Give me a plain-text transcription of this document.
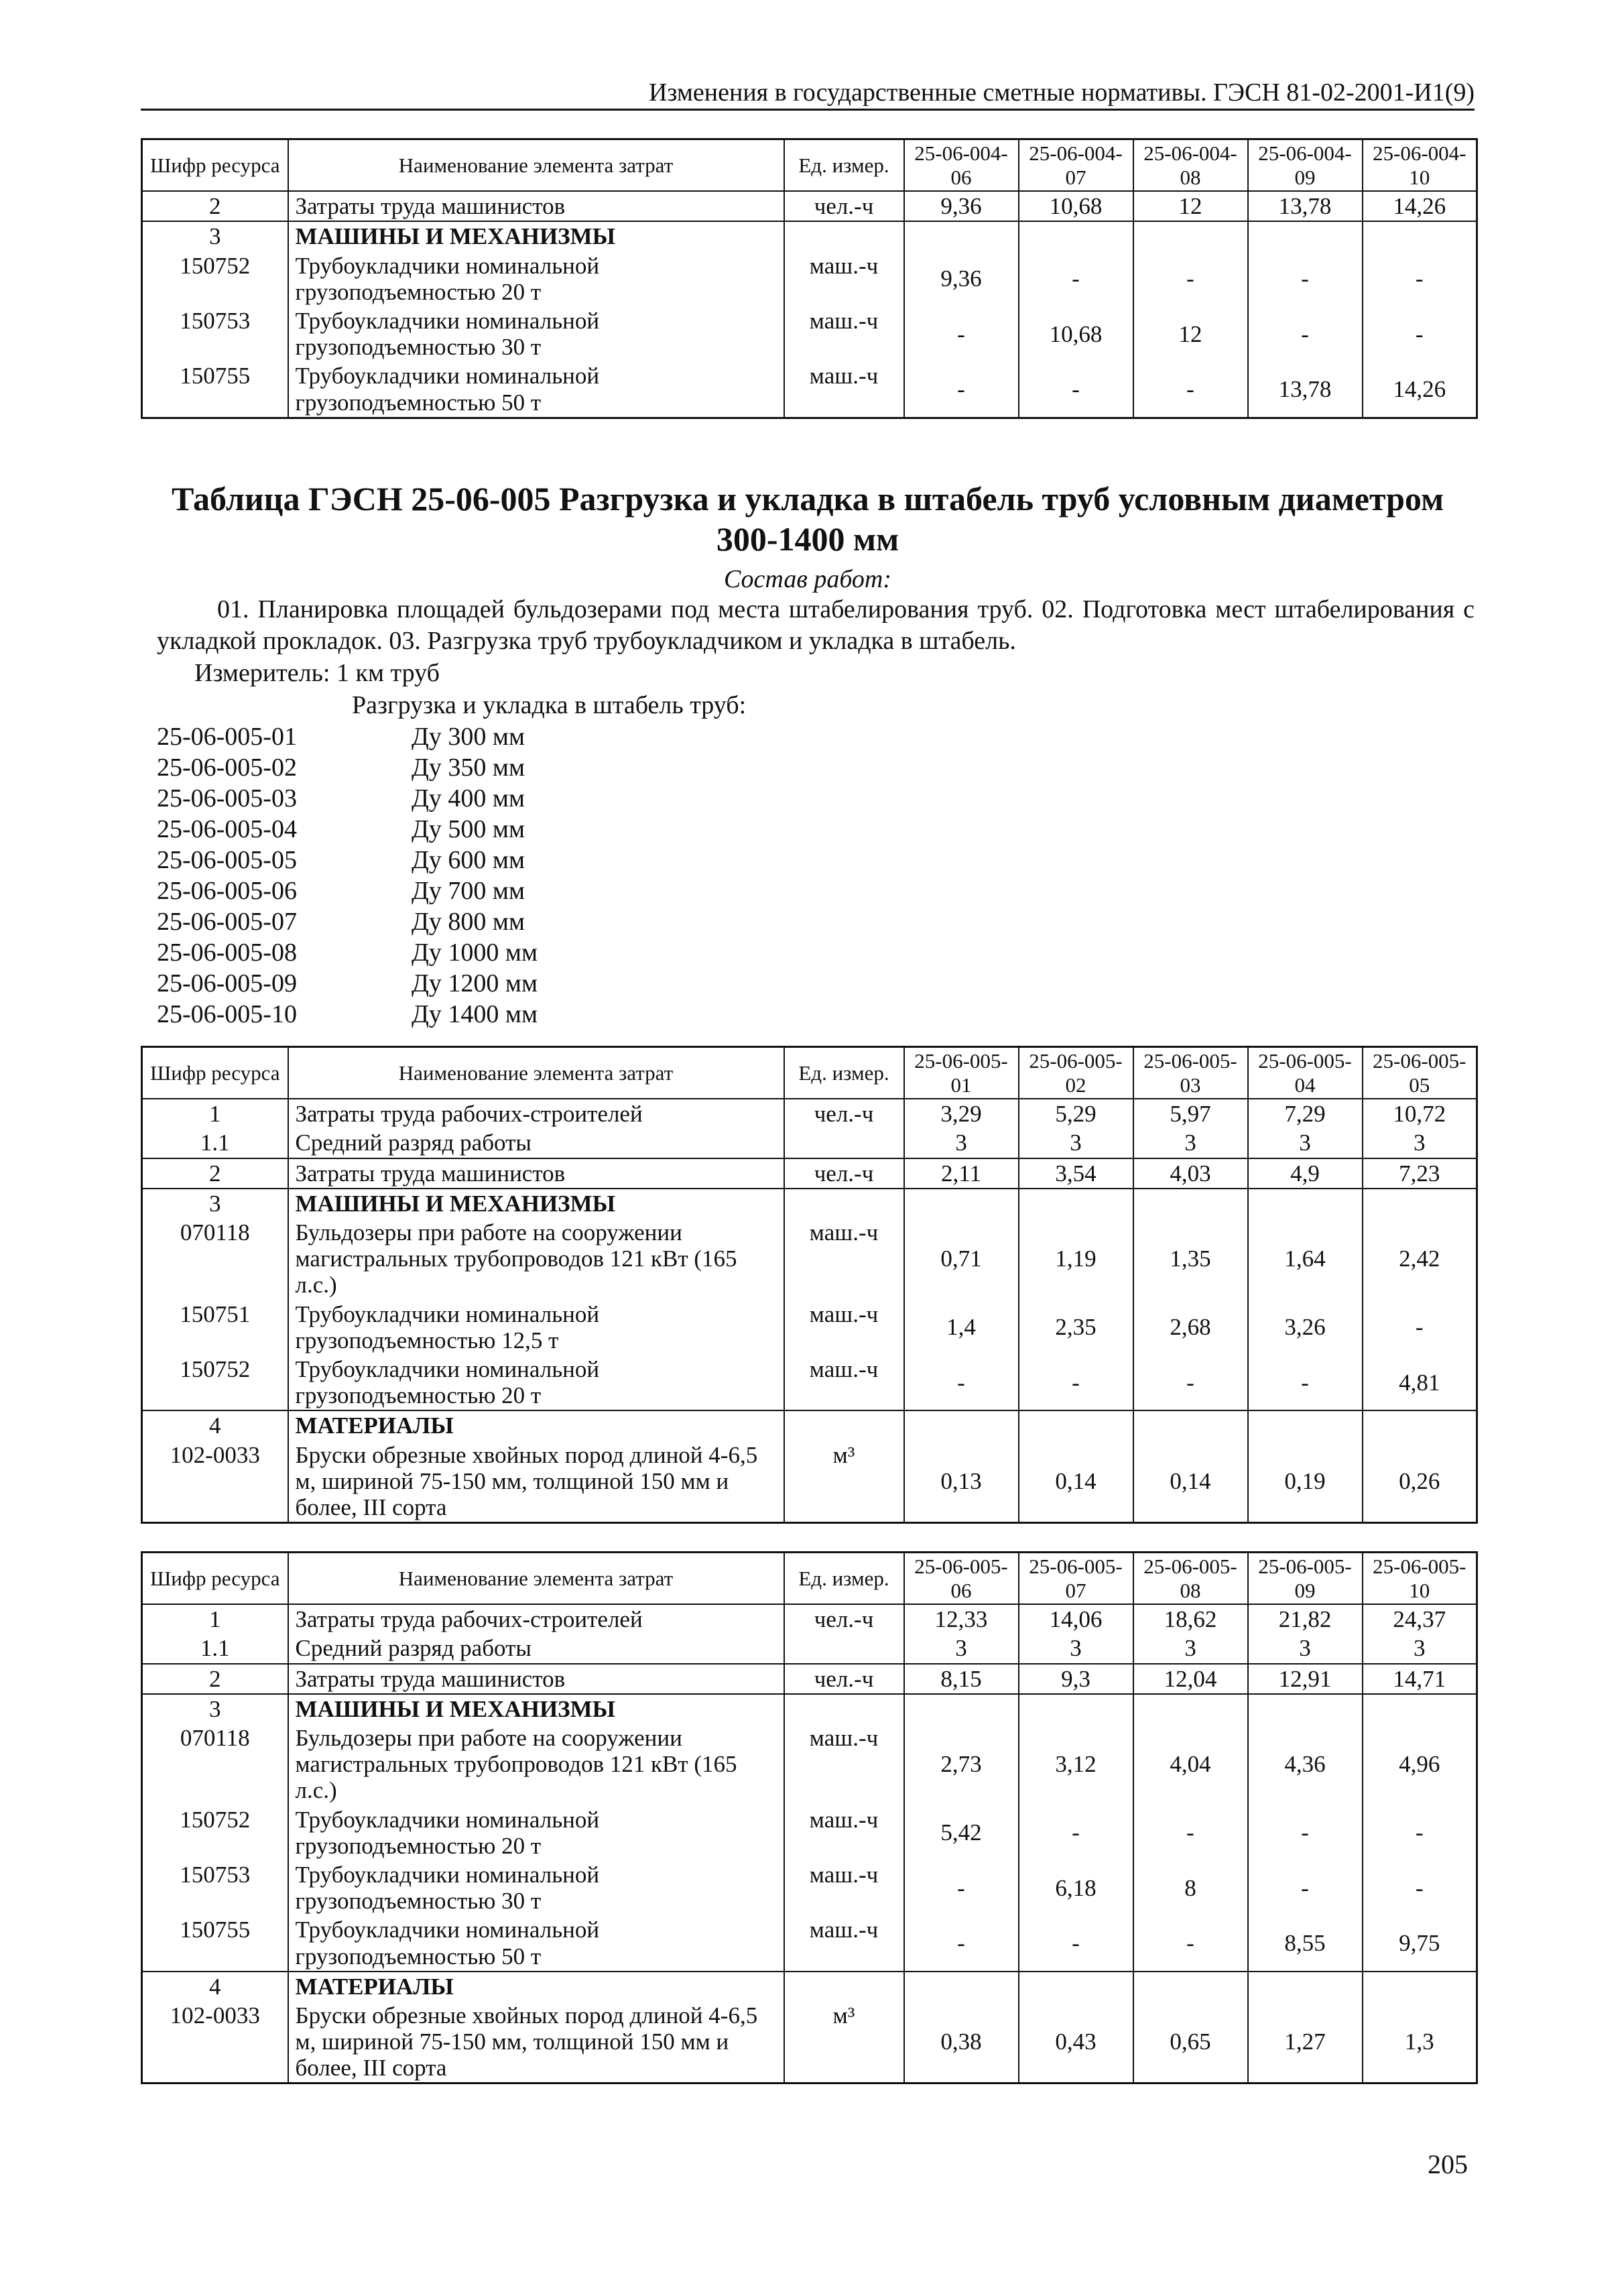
Изменения в государственные сметные нормативы. ГЭСН 81-02-2001-И1(9)
Шифр ресурса	Наименование элемента затрат	Ед. измер.	25-06-004-06	25-06-004-07	25-06-004-08	25-06-004-09	25-06-004-10
2	Затраты труда машинистов	чел.-ч	9,36	10,68	12	13,78	14,26
3	МАШИНЫ И МЕХАНИЗМЫ						
150752	Трубоукладчики номинальной грузоподъемностью 20 т	маш.-ч	9,36	-	-	-	-
150753	Трубоукладчики номинальной грузоподъемностью 30 т	маш.-ч	-	10,68	12	-	-
150755	Трубоукладчики номинальной грузоподъемностью 50 т	маш.-ч	-	-	-	13,78	14,26
Таблица ГЭСН 25-06-005 Разгрузка и укладка в штабель труб условным диаметром 300-1400 мм
Состав работ:
01. Планировка площадей бульдозерами под места штабелирования труб. 02. Подготовка мест штабелирования с укладкой прокладок. 03. Разгрузка труб трубоукладчиком и укладка в штабель.
Измеритель: 1 км труб
Разгрузка и укладка в штабель труб:
25-06-005-01	Ду 300 мм
25-06-005-02	Ду 350 мм
25-06-005-03	Ду 400 мм
25-06-005-04	Ду 500 мм
25-06-005-05	Ду 600 мм
25-06-005-06	Ду 700 мм
25-06-005-07	Ду 800 мм
25-06-005-08	Ду 1000 мм
25-06-005-09	Ду 1200 мм
25-06-005-10	Ду 1400 мм
Шифр ресурса	Наименование элемента затрат	Ед. измер.	25-06-005-01	25-06-005-02	25-06-005-03	25-06-005-04	25-06-005-05
1	Затраты труда рабочих-строителей	чел.-ч	3,29	5,29	5,97	7,29	10,72
1.1	Средний разряд работы		3	3	3	3	3
2	Затраты труда машинистов	чел.-ч	2,11	3,54	4,03	4,9	7,23
3	МАШИНЫ И МЕХАНИЗМЫ						
070118	Бульдозеры при работе на сооружении магистральных трубопроводов 121 кВт (165 л.с.)	маш.-ч	0,71	1,19	1,35	1,64	2,42
150751	Трубоукладчики номинальной грузоподъемностью 12,5 т	маш.-ч	1,4	2,35	2,68	3,26	-
150752	Трубоукладчики номинальной грузоподъемностью 20 т	маш.-ч	-	-	-	-	4,81
4	МАТЕРИАЛЫ						
102-0033	Бруски обрезные хвойных пород длиной 4-6,5 м, шириной 75-150 мм, толщиной 150 мм и более, III сорта	м³	0,13	0,14	0,14	0,19	0,26
Шифр ресурса	Наименование элемента затрат	Ед. измер.	25-06-005-06	25-06-005-07	25-06-005-08	25-06-005-09	25-06-005-10
1	Затраты труда рабочих-строителей	чел.-ч	12,33	14,06	18,62	21,82	24,37
1.1	Средний разряд работы		3	3	3	3	3
2	Затраты труда машинистов	чел.-ч	8,15	9,3	12,04	12,91	14,71
3	МАШИНЫ И МЕХАНИЗМЫ						
070118	Бульдозеры при работе на сооружении магистральных трубопроводов 121 кВт (165 л.с.)	маш.-ч	2,73	3,12	4,04	4,36	4,96
150752	Трубоукладчики номинальной грузоподъемностью 20 т	маш.-ч	5,42	-	-	-	-
150753	Трубоукладчики номинальной грузоподъемностью 30 т	маш.-ч	-	6,18	8	-	-
150755	Трубоукладчики номинальной грузоподъемностью 50 т	маш.-ч	-	-	-	8,55	9,75
4	МАТЕРИАЛЫ						
102-0033	Бруски обрезные хвойных пород длиной 4-6,5 м, шириной 75-150 мм, толщиной 150 мм и более, III сорта	м³	0,38	0,43	0,65	1,27	1,3
205
